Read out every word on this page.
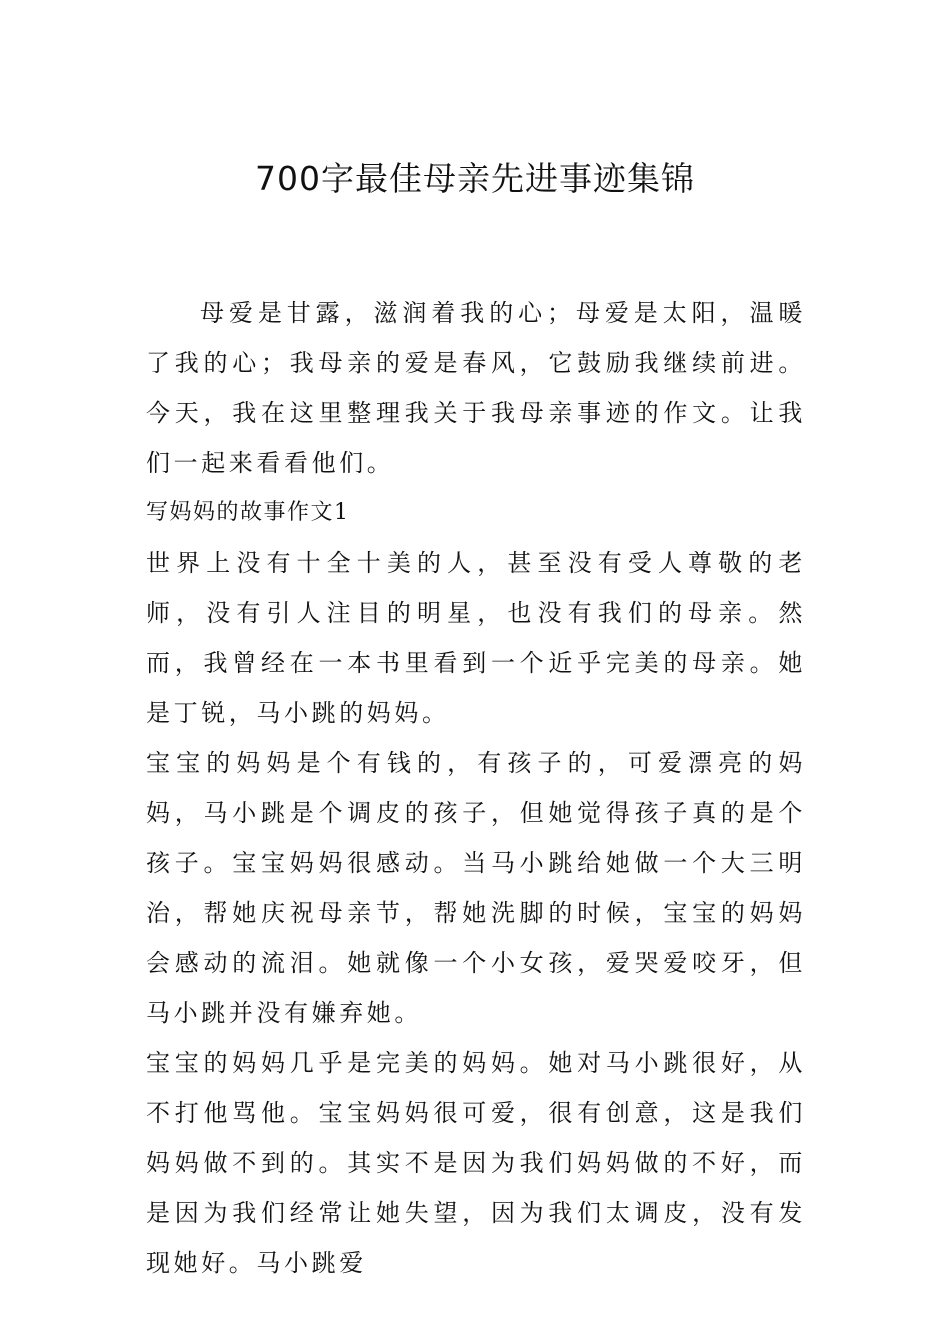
700字最佳母亲先进事迹集锦

母爱是甘露，滋润着我的心；母爱是太阳，温暖了我的心；我母亲的爱是春风，它鼓励我继续前进。今天，我在这里整理我关于我母亲事迹的作文。让我们一起来看看他们。

写妈妈的故事作文1

世界上没有十全十美的人，甚至没有受人尊敬的老师，没有引人注目的明星，也没有我们的母亲。然而，我曾经在一本书里看到一个近乎完美的母亲。她是丁锐，马小跳的妈妈。

宝宝的妈妈是个有钱的，有孩子的，可爱漂亮的妈妈，马小跳是个调皮的孩子，但她觉得孩子真的是个孩子。宝宝妈妈很感动。当马小跳给她做一个大三明治，帮她庆祝母亲节，帮她洗脚的时候，宝宝的妈妈会感动的流泪。她就像一个小女孩，爱哭爱咬牙，但马小跳并没有嫌弃她。

宝宝的妈妈几乎是完美的妈妈。她对马小跳很好，从不打他骂他。宝宝妈妈很可爱，很有创意，这是我们妈妈做不到的。其实不是因为我们妈妈做的不好，而是因为我们经常让她失望，因为我们太调皮，没有发现她好。马小跳爱
